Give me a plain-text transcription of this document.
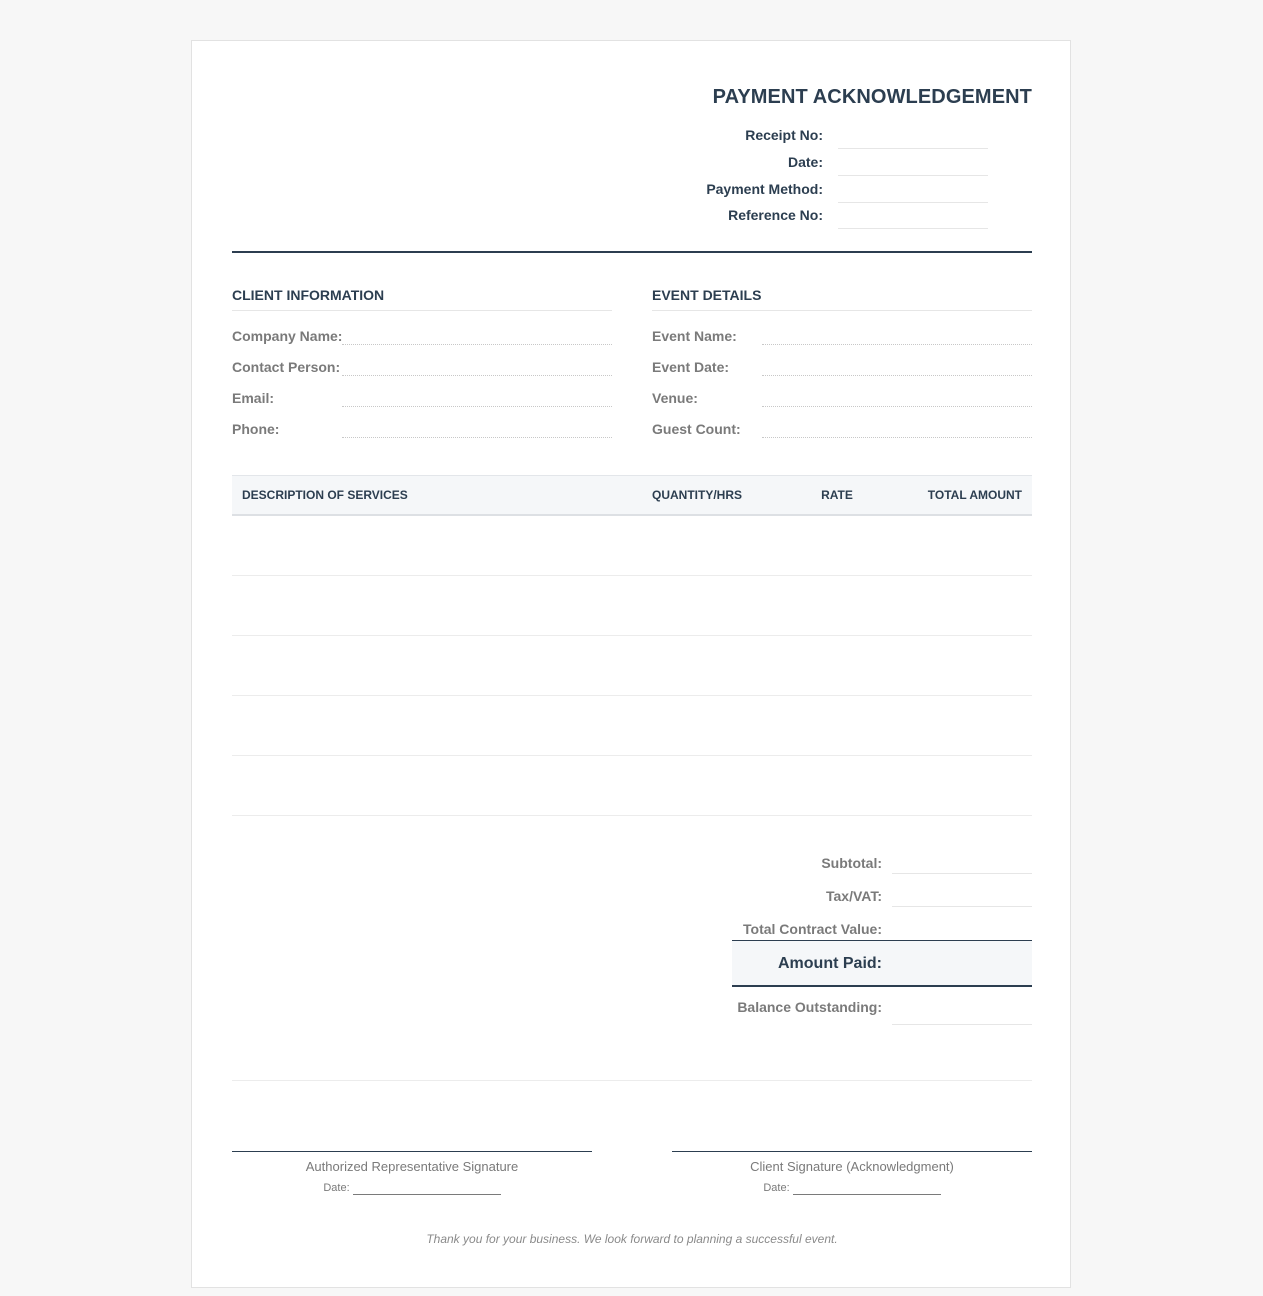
PAYMENT ACKNOWLEDGEMENT
Receipt No:
Date:
Payment Method:
Reference No:
CLIENT INFORMATION
Company Name:
Contact Person:
Email:
Phone:
EVENT DETAILS
Event Name:
Event Date:
Venue:
Guest Count:
DESCRIPTION OF SERVICES	QUANTITY/HRS	RATE	TOTAL AMOUNT

Subtotal:
Tax/VAT:
Total Contract Value:
Amount Paid:
Balance Outstanding:
Authorized Representative Signature
Date:
Client Signature (Acknowledgment)
Date:
Thank you for your business. We look forward to planning a successful event.
